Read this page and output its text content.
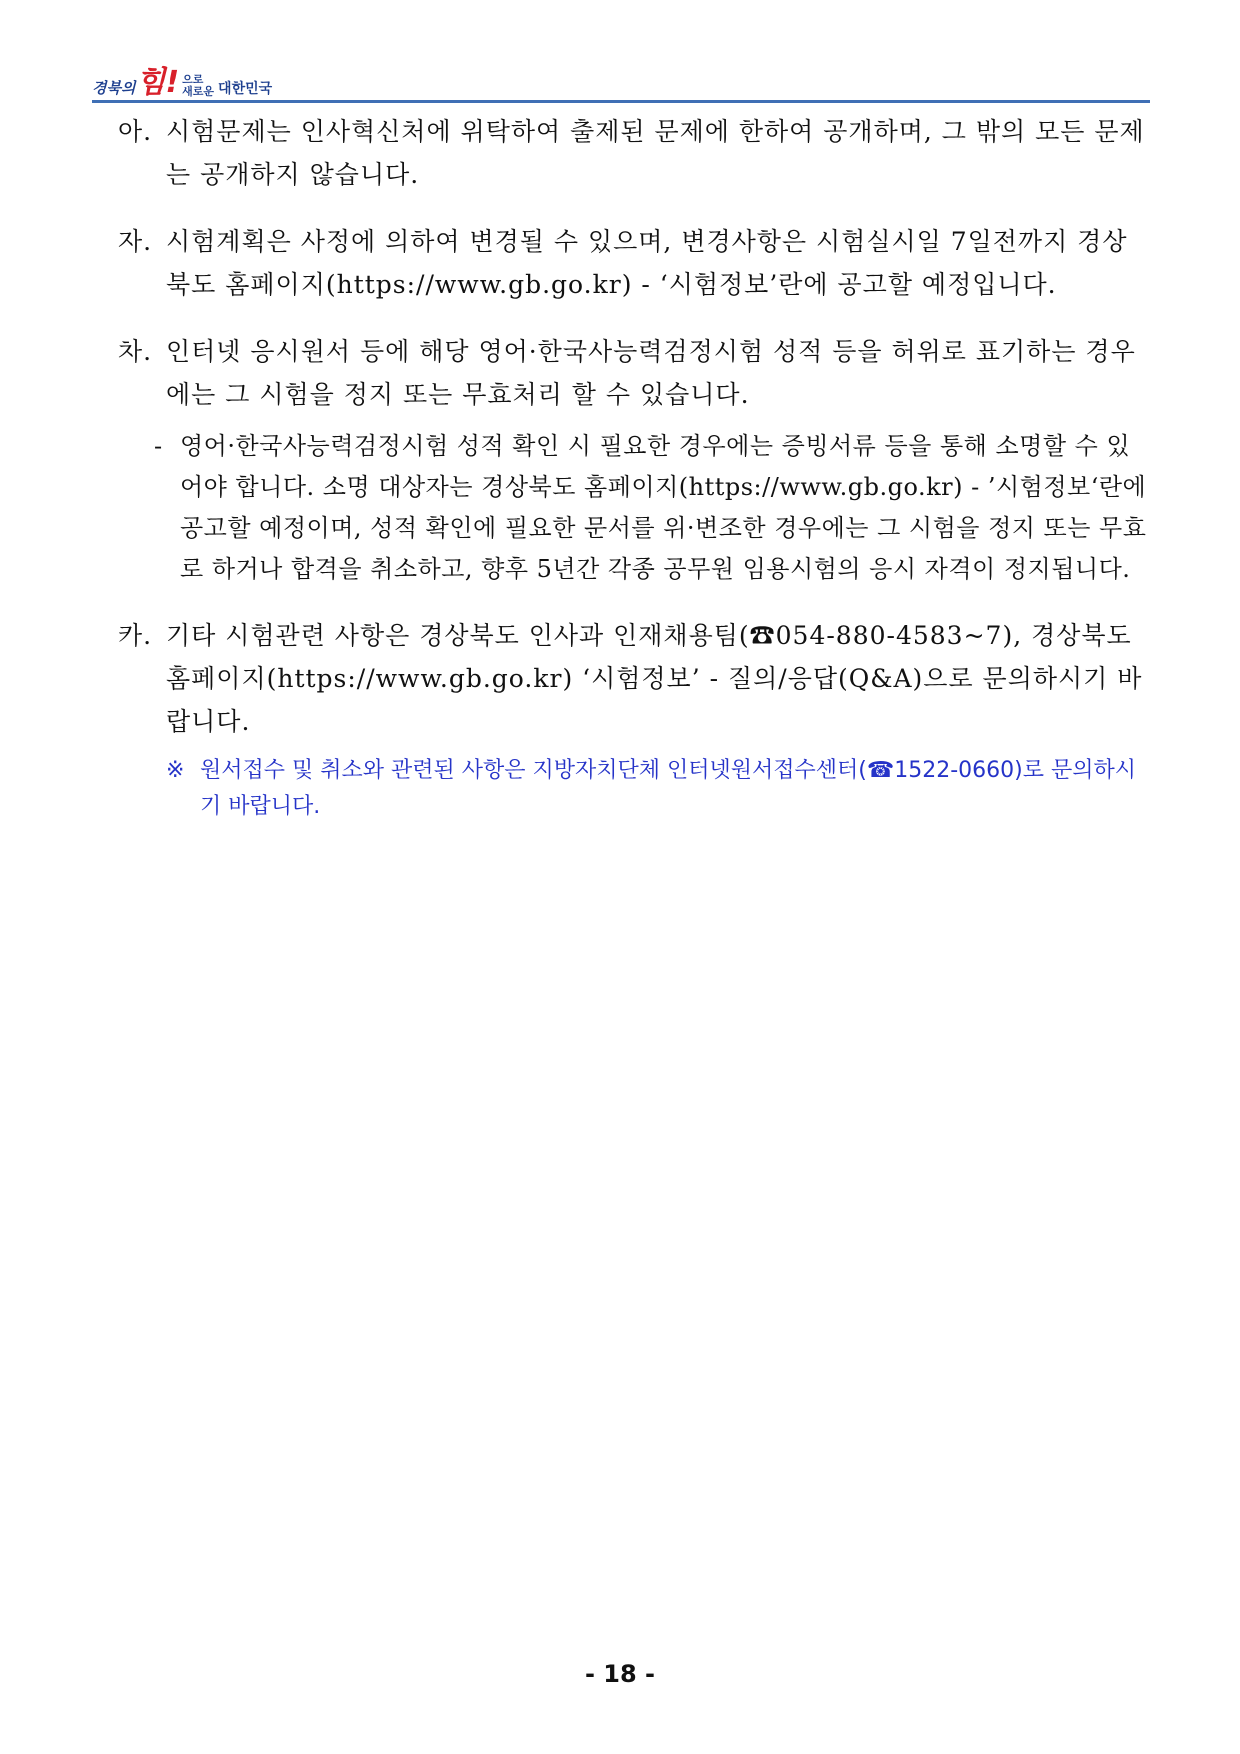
경북의 힘! 으로
새로운 대한민국
아. 시험문제는 인사혁신처에 위탁하여 출제된 문제에 한하여 공개하며, 그 밖의 모든 문제는 공개하지 않습니다.

자. 시험계획은 사정에 의하여 변경될 수 있으며, 변경사항은 시험실시일 7일전까지 경상북도 홈페이지(https://www.gb.go.kr) - ‘시험정보’란에 공고할 예정입니다.

차. 인터넷 응시원서 등에 해당 영어·한국사능력검정시험 성적 등을 허위로 표기하는 경우에는 그 시험을 정지 또는 무효처리 할 수 있습니다.

- 영어·한국사능력검정시험 성적 확인 시 필요한 경우에는 증빙서류 등을 통해 소명할 수 있어야 합니다. 소명 대상자는 경상북도 홈페이지(https://www.gb.go.kr) - ’시험정보‘란에 공고할 예정이며, 성적 확인에 필요한 문서를 위·변조한 경우에는 그 시험을 정지 또는 무효로 하거나 합격을 취소하고, 향후 5년간 각종 공무원 임용시험의 응시 자격이 정지됩니다.

카. 기타 시험관련 사항은 경상북도 인사과 인재채용팀(☎054-880-4583~7), 경상북도 홈페이지(https://www.gb.go.kr) ‘시험정보’ - 질의/응답(Q&A)으로 문의하시기 바랍니다.

※ 원서접수 및 취소와 관련된 사항은 지방자치단체 인터넷원서접수센터(☎1522-0660)로 문의하시기 바랍니다.

- 18 -
